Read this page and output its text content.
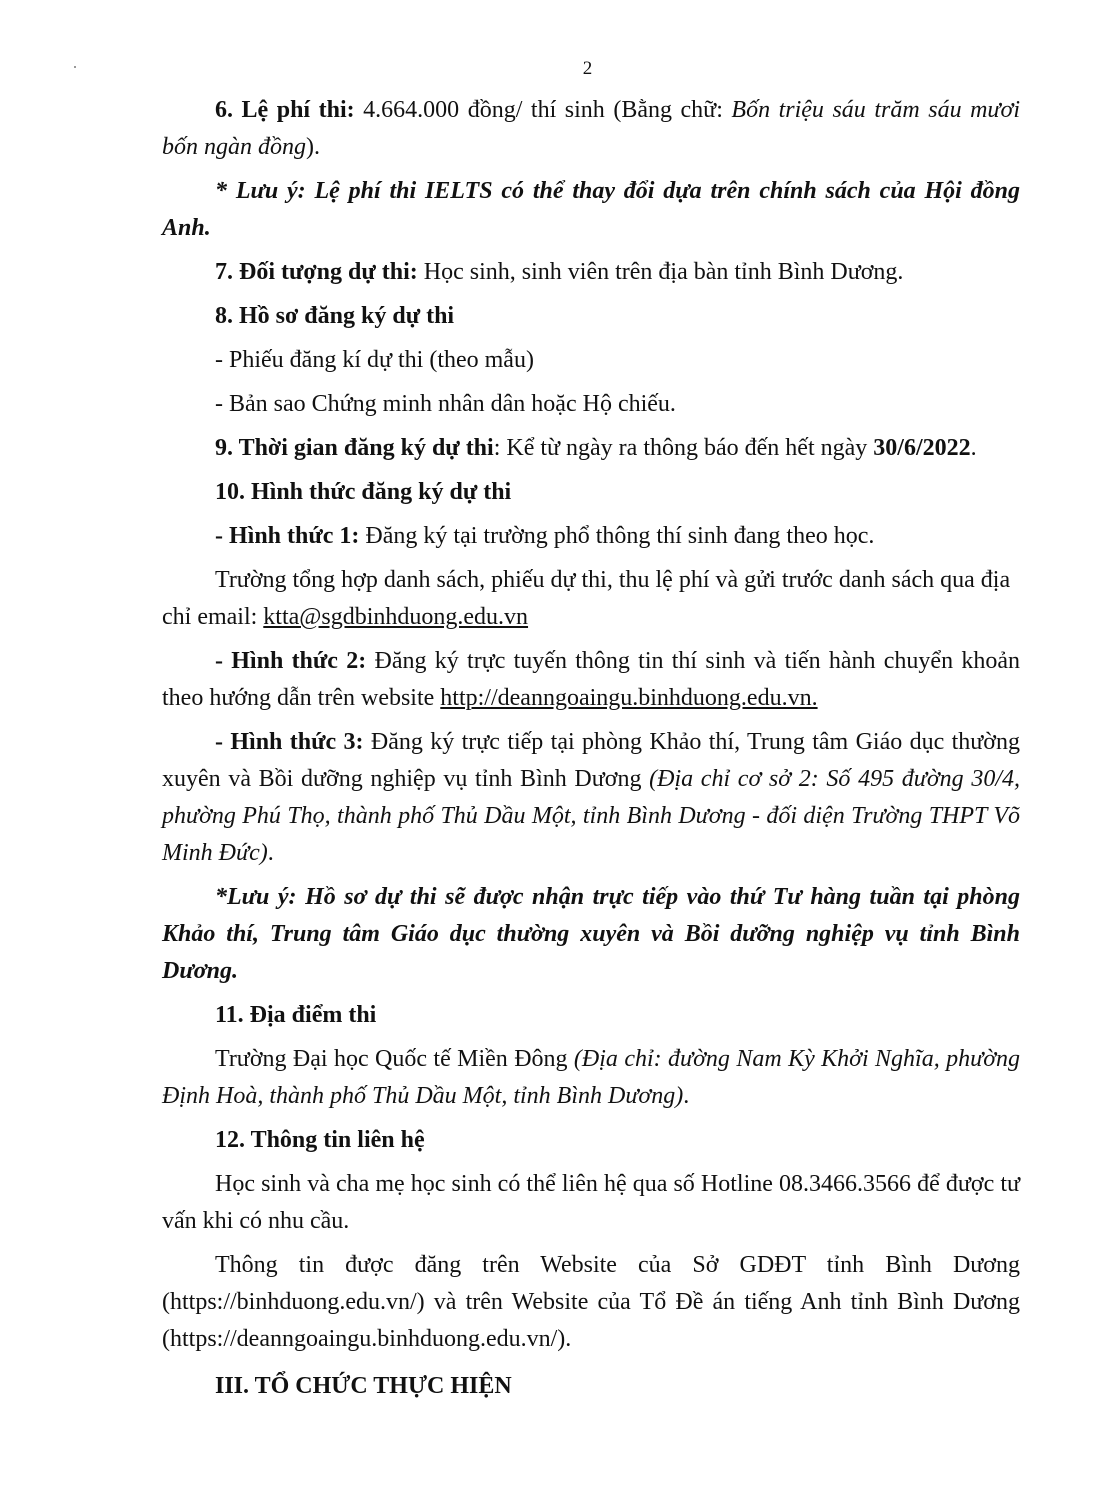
2

6. Lệ phí thi: 4.664.000 đồng/ thí sinh (Bằng chữ: Bốn triệu sáu trăm sáu mươi bốn ngàn đồng).

* Lưu ý: Lệ phí thi IELTS có thể thay đổi dựa trên chính sách của Hội đồng Anh.

7. Đối tượng dự thi: Học sinh, sinh viên trên địa bàn tỉnh Bình Dương.

8. Hồ sơ đăng ký dự thi

- Phiếu đăng kí dự thi (theo mẫu)

- Bản sao Chứng minh nhân dân hoặc Hộ chiếu.

9. Thời gian đăng ký dự thi: Kể từ ngày ra thông báo đến hết ngày 30/6/2022.

10. Hình thức đăng ký dự thi

- Hình thức 1: Đăng ký tại trường phổ thông thí sinh đang theo học.

Trường tổng hợp danh sách, phiếu dự thi, thu lệ phí và gửi trước danh sách qua địa chỉ email: ktta@sgdbinhduong.edu.vn

- Hình thức 2: Đăng ký trực tuyến thông tin thí sinh và tiến hành chuyển khoản theo hướng dẫn trên website http://deanngoaingu.binhduong.edu.vn.

- Hình thức 3: Đăng ký trực tiếp tại phòng Khảo thí, Trung tâm Giáo dục thường xuyên và Bồi dưỡng nghiệp vụ tỉnh Bình Dương (Địa chỉ cơ sở 2: Số 495 đường 30/4, phường Phú Thọ, thành phố Thủ Dầu Một, tỉnh Bình Dương - đối diện Trường THPT Võ Minh Đức).

*Lưu ý: Hồ sơ dự thi sẽ được nhận trực tiếp vào thứ Tư hàng tuần tại phòng Khảo thí, Trung tâm Giáo dục thường xuyên và Bồi dưỡng nghiệp vụ tỉnh Bình Dương.

11. Địa điểm thi

Trường Đại học Quốc tế Miền Đông (Địa chỉ: đường Nam Kỳ Khởi Nghĩa, phường Định Hoà, thành phố Thủ Dầu Một, tỉnh Bình Dương).

12. Thông tin liên hệ

Học sinh và cha mẹ học sinh có thể liên hệ qua số Hotline 08.3466.3566 để được tư vấn khi có nhu cầu.

Thông tin được đăng trên Website của Sở GDĐT tỉnh Bình Dương (https://binhduong.edu.vn/) và trên Website của Tổ Đề án tiếng Anh tỉnh Bình Dương (https://deanngoaingu.binhduong.edu.vn/).

III. TỔ CHỨC THỰC HIỆN
